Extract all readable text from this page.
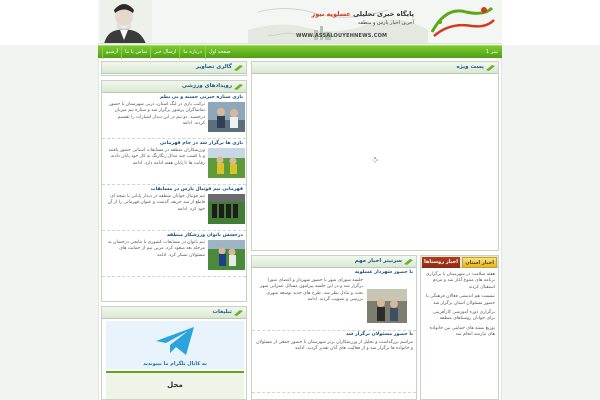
پایگاه خبری تحلیلی عسلویه نیوز
آخرین اخبار پارس و منطقه
WWW.ASSALOUYEHNEWS.COM
صفحه اول
درباره ما
ارسال خبر
تماس با ما
آرشیو	تیتر 1
گالری تصاویر	پست ویژه
رویدادهای ورزشی
بازی ستاره حیرتی خسته و بی نظم
ترکیب بازی در لیگ استان، دربی شهرستان با حضور تماشاگران پرشور برگزار شد و ستاره تیم میزبان درخشید. دو تیم در این دیدار امتیازات را تقسیم کردند. ادامه
بازی ها برگزار شد در جام قهرمانی
ورزشکاران منطقه در مسابقات استانی حضور یافتند و با کسب چند مدال رنگارنگ به کار خود پایان دادند. رقابت ها تا پایان هفته ادامه دارد. ادامه
قهرمانی تیم فوتبال پارس در مسابقات
تیم فوتبال جوانان منطقه در دیدار پایانی با نتیجه ای قاطع از سد حریف گذشت و عنوان قهرمانی را از آن خود کرد. ادامه
درخشش بانوان ورزشکار منطقه
تیم بانوان در مسابقات کشوری با نتایجی درخشان به مرحله بعد صعود کرد. مربی تیم از حمایت های مسئولان تشکر کرد. ادامه
تبلیغات
به کانال تلگرام ما بپیوندید
محل
سرتیتر اخبار مهم
با حضور شهردار عسلویه
جلسه شورای شهر با حضور شهردار و اعضای شورا برگزار شد و در این جلسه پیرامون مسائل عمرانی شهر بحث و تبادل نظر شد. طرح های جدید توسعه شهری بررسی و تصویب گردید. ادامه
با حضور مسئولان برگزار شد
مراسم بزرگداشت و تجلیل از ورزشکاران برتر شهرستان با حضور جمعی از مسئولان و خانواده ها برگزار شد و از فعالیت های آنان تقدیر گردید. ادامه
اخبار استان
اخبار روستاها
هفته سلامت در شهرستان با برگزاری برنامه های متنوع آغاز شد و مردم استقبال کردند
نشست هم اندیشی فعالان فرهنگی با حضور مسئولان استان برگزار شد
برگزاری دوره آموزشی کارآفرینی برای جوانان روستاهای منطقه
توزیع بسته های حمایتی بین خانواده های نیازمند انجام شد
